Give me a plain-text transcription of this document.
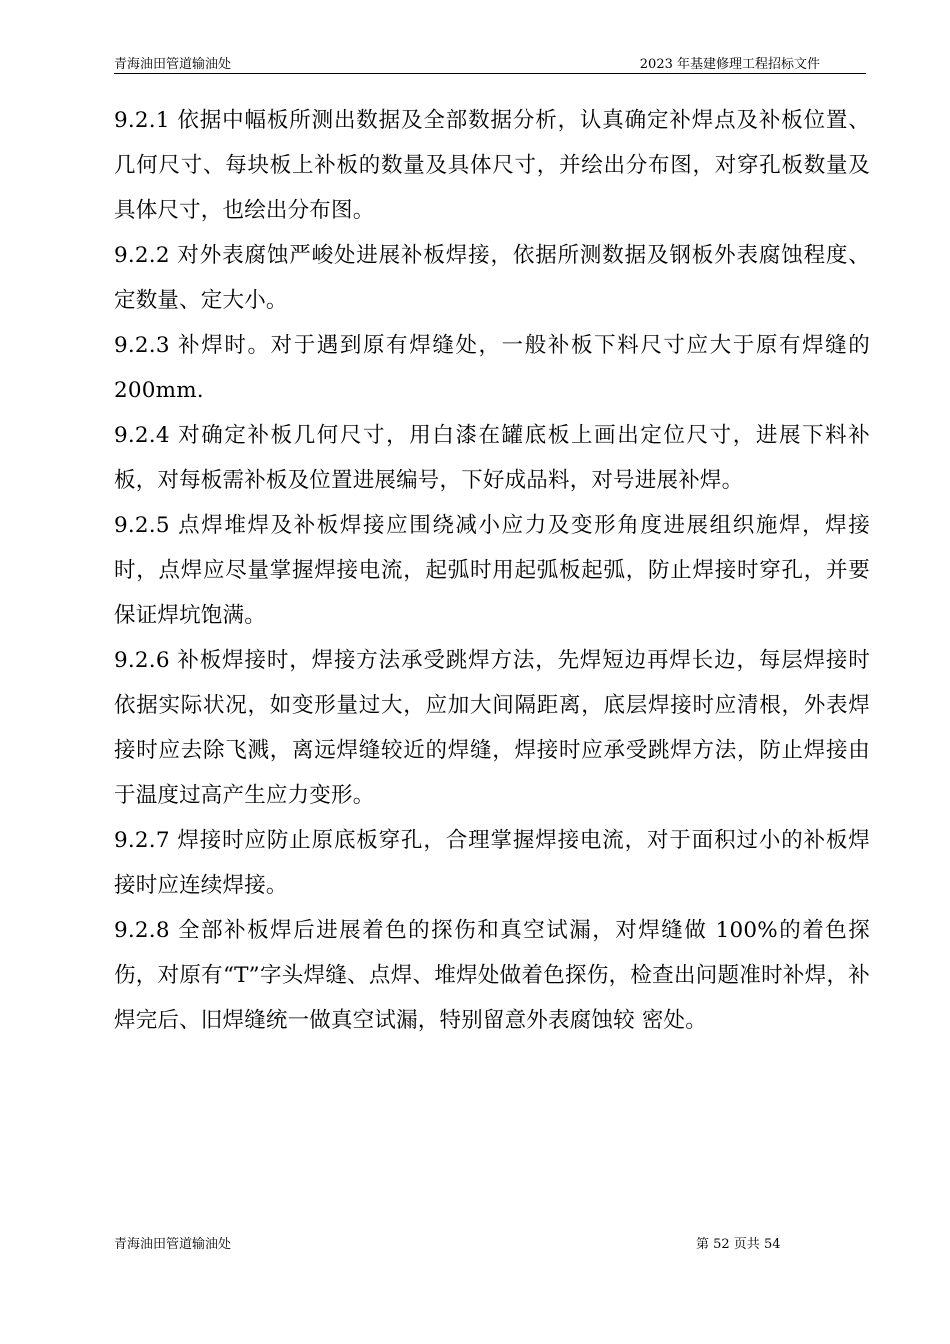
青海油田管道输油处	2023 年基建修理工程招标文件

9.2.1 依据中幅板所测出数据及全部数据分析，认真确定补焊点及补板位置、几何尺寸、每块板上补板的数量及具体尺寸，并绘出分布图，对穿孔板数量及具体尺寸，也绘出分布图。

9.2.2 对外表腐蚀严峻处进展补板焊接，依据所测数据及钢板外表腐蚀程度、定数量、定大小。

9.2.3 补焊时。对于遇到原有焊缝处，一般补板下料尺寸应大于原有焊缝的 200mm.

9.2.4 对确定补板几何尺寸，用白漆在罐底板上画出定位尺寸，进展下料补板，对每板需补板及位置进展编号，下好成品料，对号进展补焊。

9.2.5 点焊堆焊及补板焊接应围绕减小应力及变形角度进展组织施焊，焊接时，点焊应尽量掌握焊接电流，起弧时用起弧板起弧，防止焊接时穿孔，并要保证焊坑饱满。

9.2.6 补板焊接时，焊接方法承受跳焊方法，先焊短边再焊长边，每层焊接时依据实际状况，如变形量过大，应加大间隔距离，底层焊接时应清根，外表焊接时应去除飞溅，离远焊缝较近的焊缝，焊接时应承受跳焊方法，防止焊接由于温度过高产生应力变形。

9.2.7 焊接时应防止原底板穿孔，合理掌握焊接电流，对于面积过小的补板焊接时应连续焊接。

9.2.8 全部补板焊后进展着色的探伤和真空试漏，对焊缝做 100%的着色探伤，对原有“T”字头焊缝、点焊、堆焊处做着色探伤，检查出问题准时补焊，补焊完后、旧焊缝统一做真空试漏，特别留意外表腐蚀较 密处。

青海油田管道输油处	第 52 页共 54
